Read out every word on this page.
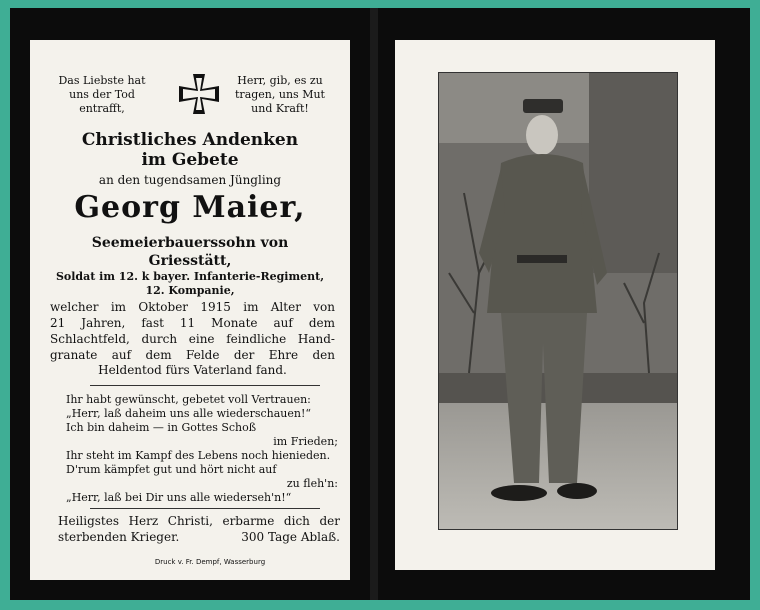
Das Liebste hat
uns der Tod
entrafft,
Herr, gib, es zu
tragen, uns Mut
und Kraft!
Christliches Andenken
im Gebete
an den tugendsamen Jüngling
Georg Maier,
Seemeierbauerssohn von
Griesstätt,
Soldat im 12. k bayer. Infanterie-Regiment,
12. Kompanie,
welcher im Oktober 1915 im Alter von
21 Jahren, fast 11 Monate auf dem
Schlachtfeld, durch eine feindliche Hand-
granate auf dem Felde der Ehre den
Heldentod fürs Vaterland fand.
Ihr habt gewünscht, gebetet voll Vertrauen:
„Herr, laß daheim uns alle wiederschauen!“
Ich bin daheim — in Gottes Schoß
im Frieden;
Ihr steht im Kampf des Lebens noch hienieden.
D'rum kämpfet gut und hört nicht auf
zu fleh'n:
„Herr, laß bei Dir uns alle wiederseh'n!“
Heiligstes Herz Christi, erbarme dich der
sterbenden Krieger.	300 Tage Ablaß.
Druck v. Fr. Dempf, Wasserburg
